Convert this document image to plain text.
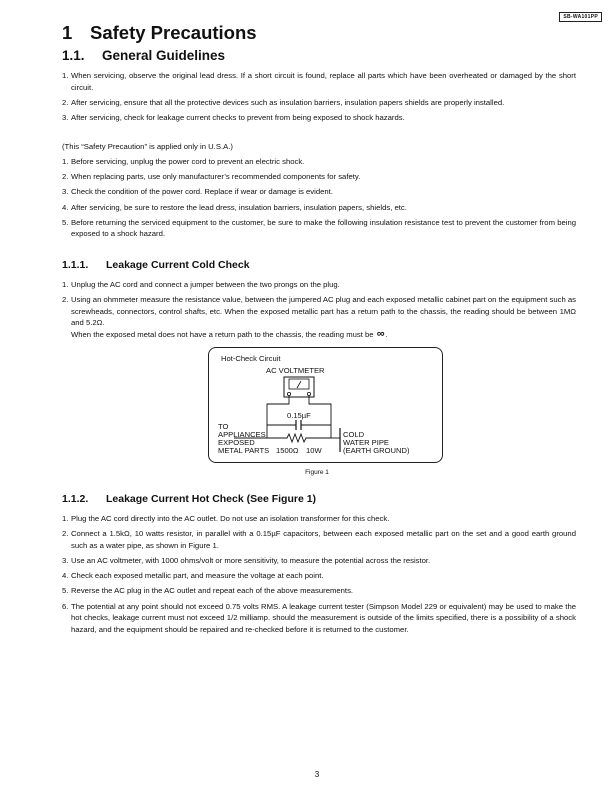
SB-WA101PP
1 Safety Precautions
1.1. General Guidelines
1. When servicing, observe the original lead dress. If a short circuit is found, replace all parts which have been overheated or damaged by the short circuit.
2. After servicing, ensure that all the protective devices such as insulation barriers, insulation papers shields are properly installed.
3. After servicing, check for leakage current checks to prevent from being exposed to shock hazards.

(This “Safety Precaution” is applied only in U.S.A.)

1. Before servicing, unplug the power cord to prevent an electric shock.
2. When replacing parts, use only manufacturer’s recommended components for safety.
3. Check the condition of the power cord. Replace if wear or damage is evident.
4. After servicing, be sure to restore the lead dress, insulation barriers, insulation papers, shields, etc.
5. Before returning the serviced equipment to the customer, be sure to make the following insulation resistance test to prevent the customer from being exposed to a shock hazard.
1.1.1. Leakage Current Cold Check
1. Unplug the AC cord and connect a jumper between the two prongs on the plug.
2. Using an ohmmeter measure the resistance value, between the jumpered AC plug and each exposed metallic cabinet part on the equipment such as screwheads, connectors, control shafts, etc. When the exposed metallic part has a return path to the chassis, the reading should be between 1MΩ and 5.2Ω.
When the exposed metal does not have a return path to the chassis, the reading must be ∞.
Hot-Check Circuit
AC VOLTMETER
0.15µF
TO
APPLIANCES
EXPOSED
METAL PARTS 1500Ω 10W
COLD
WATER PIPE
(EARTH GROUND)

Figure 1

1.1.2. Leakage Current Hot Check (See Figure 1)
1. Plug the AC cord directly into the AC outlet. Do not use an isolation transformer for this check.
2. Connect a 1.5kΩ, 10 watts resistor, in parallel with a 0.15µF capacitors, between each exposed metallic part on the set and a good earth ground such as a water pipe, as shown in Figure 1.
3. Use an AC voltmeter, with 1000 ohms/volt or more sensitivity, to measure the potential across the resistor.
4. Check each exposed metallic part, and measure the voltage at each point.
5. Reverse the AC plug in the AC outlet and repeat each of the above measurements.
6. The potential at any point should not exceed 0.75 volts RMS. A leakage current tester (Simpson Model 229 or equivalent) may be used to make the hot checks, leakage current must not exceed 1/2 milliamp. should the measurement is outside of the limits specified, there is a possibility of a shock hazard, and the equipment should be repaired and re-checked before it is returned to the customer.

3
